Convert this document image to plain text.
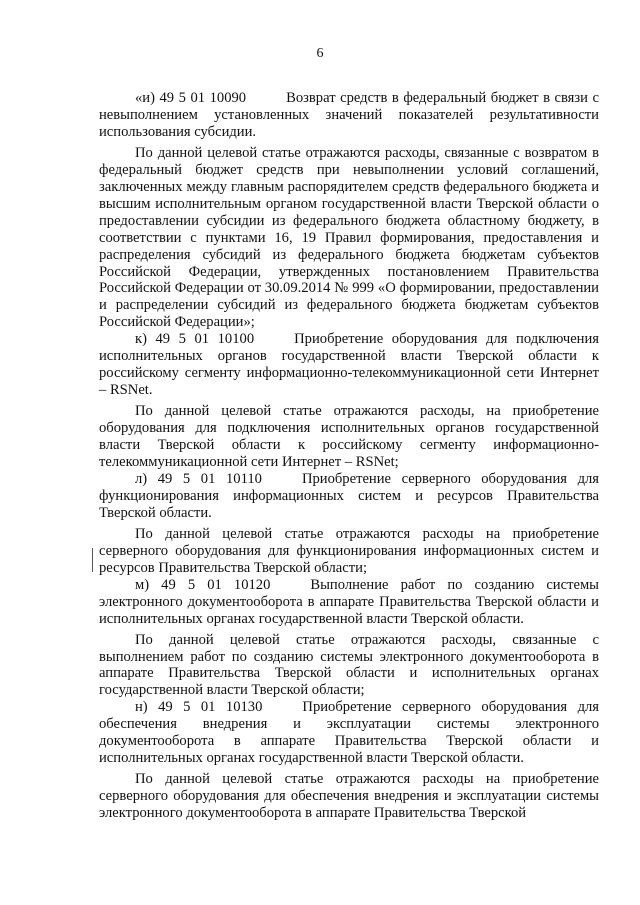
6

«и) 49 5 01 10090	Возврат средств в федеральный бюджет в связи с невыполнением установленных значений показателей результативности использования субсидии.

По данной целевой статье отражаются расходы, связанные с возвратом в федеральный бюджет средств при невыполнении условий соглашений, заключенных между главным распорядителем средств федерального бюджета и высшим исполнительным органом государственной власти Тверской области о предоставлении субсидии из федерального бюджета областному бюджету, в соответствии с пунктами 16, 19 Правил формирования, предоставления и распределения субсидий из федерального бюджета бюджетам субъектов Российской Федерации, утвержденных постановлением Правительства Российской Федерации от 30.09.2014 № 999 «О формировании, предоставлении и распределении субсидий из федерального бюджета бюджетам субъектов Российской Федерации»;

к) 49 5 01 10100	Приобретение оборудования для подключения исполнительных органов государственной власти Тверской области к российскому сегменту информационно-телекоммуникационной сети Интернет – RSNet.

По данной целевой статье отражаются расходы, на приобретение оборудования для подключения исполнительных органов государственной власти Тверской области к российскому сегменту информационно-телекоммуникационной сети Интернет – RSNet;

л) 49 5 01 10110	Приобретение серверного оборудования для функционирования информационных систем и ресурсов Правительства Тверской области.

По данной целевой статье отражаются расходы на приобретение серверного оборудования для функционирования информационных систем и ресурсов Правительства Тверской области;

м) 49 5 01 10120	Выполнение работ по созданию системы электронного документооборота в аппарате Правительства Тверской области и исполнительных органах государственной власти Тверской области.

По данной целевой статье отражаются расходы, связанные с выполнением работ по созданию системы электронного документооборота в аппарате Правительства Тверской области и исполнительных органах государственной власти Тверской области;

н) 49 5 01 10130	Приобретение серверного оборудования для обеспечения внедрения и эксплуатации системы электронного документооборота в аппарате Правительства Тверской области и исполнительных органах государственной власти Тверской области.

По данной целевой статье отражаются расходы на приобретение серверного оборудования для обеспечения внедрения и эксплуатации системы электронного документооборота в аппарате Правительства Тверской
